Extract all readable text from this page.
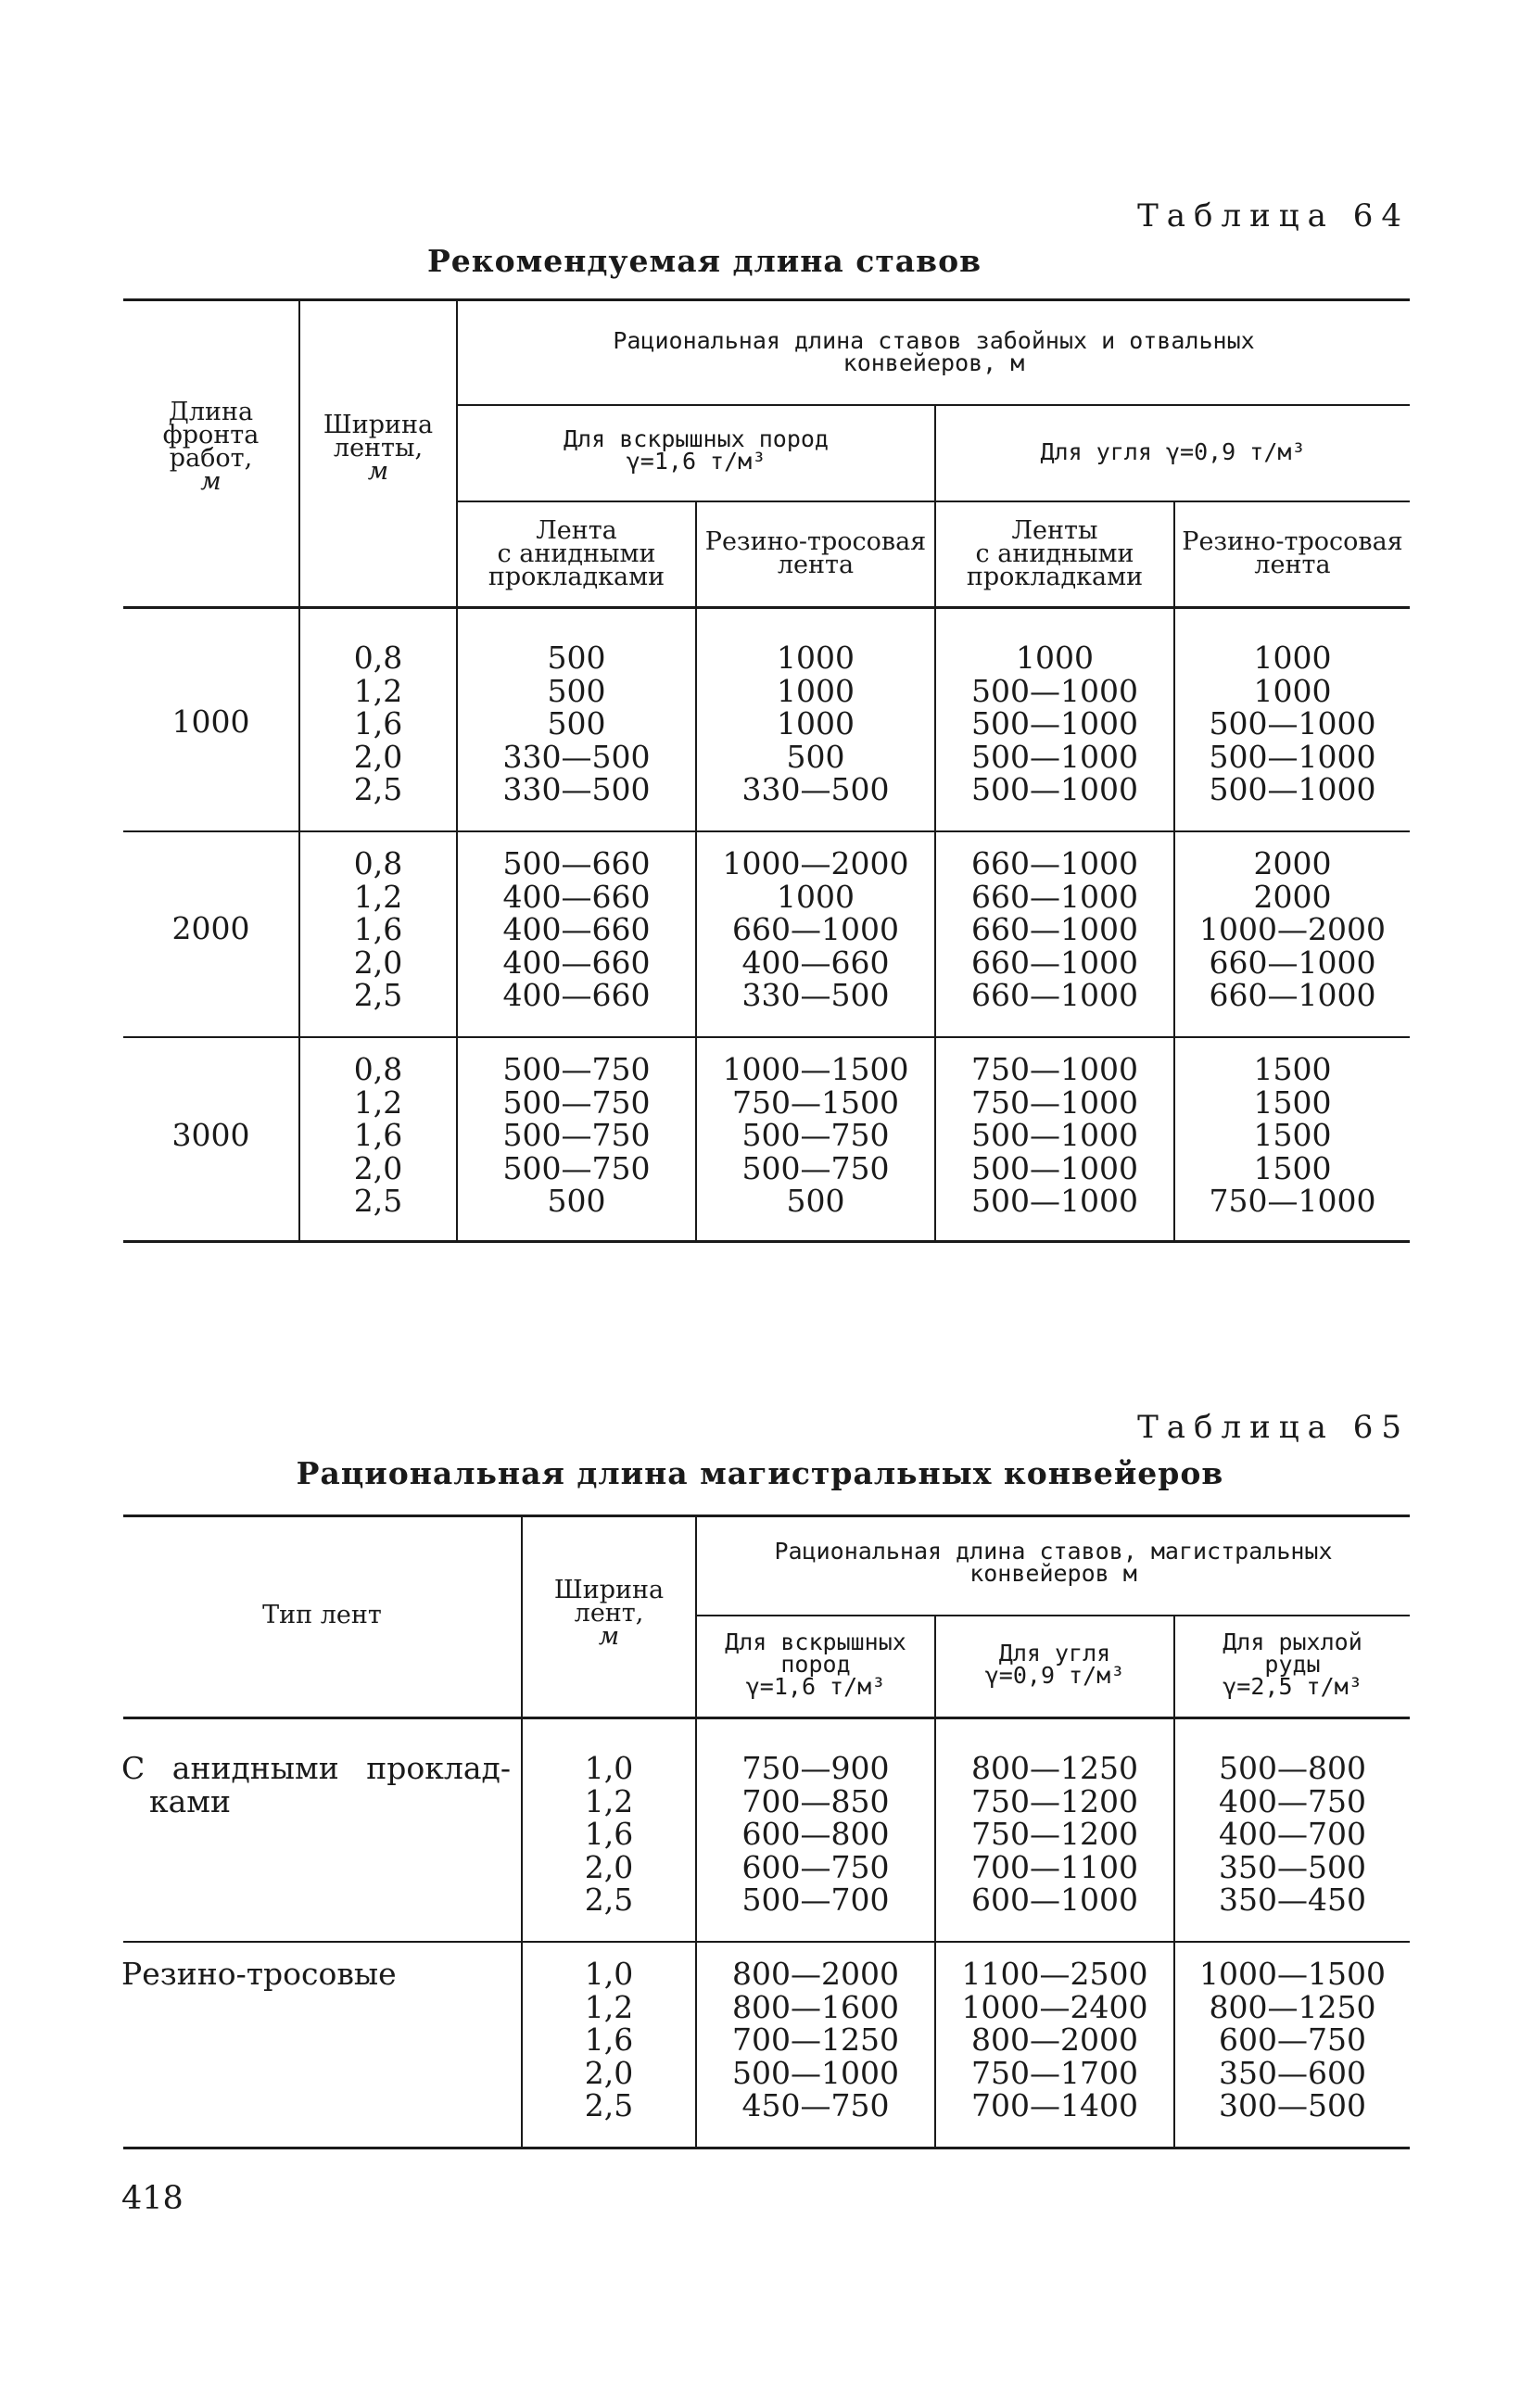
Таблица 64
Рекомендуемая длина ставов
Длина
фронта
работ,
м
Ширина
ленты,
м
Рациональная длина ставов забойных и отвальных
конвейеров, м
Для вскрышных пород
γ=1,6 т/м³	Для угля γ=0,9 т/м³
Лента
с анидными
прокладками
Резино-тросовая
лента
Ленты
с анидными
прокладками
Резино-тросовая
лента
1000
0,8
1,2
1,6
2,0
2,5
500
500
500
330—500
330—500
1000
1000
1000
500
330—500
1000
500—1000
500—1000
500—1000
500—1000
1000
1000
500—1000
500—1000
500—1000
2000
0,8
1,2
1,6
2,0
2,5
500—660
400—660
400—660
400—660
400—660
1000—2000
1000
660—1000
400—660
330—500
660—1000
660—1000
660—1000
660—1000
660—1000
2000
2000
1000—2000
660—1000
660—1000
3000
0,8
1,2
1,6
2,0
2,5
500—750
500—750
500—750
500—750
500
1000—1500
750—1500
500—750
500—750
500
750—1000
750—1000
500—1000
500—1000
500—1000
1500
1500
1500
1500
750—1000
Таблица 65
Рациональная длина магистральных конвейеров
Тип лент
Ширина
лент,
м
Рациональная длина ставов, магистральных
конвейеров м
Для вскрышных
пород
γ=1,6 т/м³
Для угля
γ=0,9 т/м³
Для рыхлой
руды
γ=2,5 т/м³
С анидными проклад-
ками
1,0
1,2
1,6
2,0
2,5
750—900
700—850
600—800
600—750
500—700
800—1250
750—1200
750—1200
700—1100
600—1000
500—800
400—750
400—700
350—500
350—450
Резино-тросовые	1,0
1,2
1,6
2,0
2,5
800—2000
800—1600
700—1250
500—1000
450—750
1100—2500
1000—2400
800—2000
750—1700
700—1400
1000—1500
800—1250
600—750
350—600
300—500
418
